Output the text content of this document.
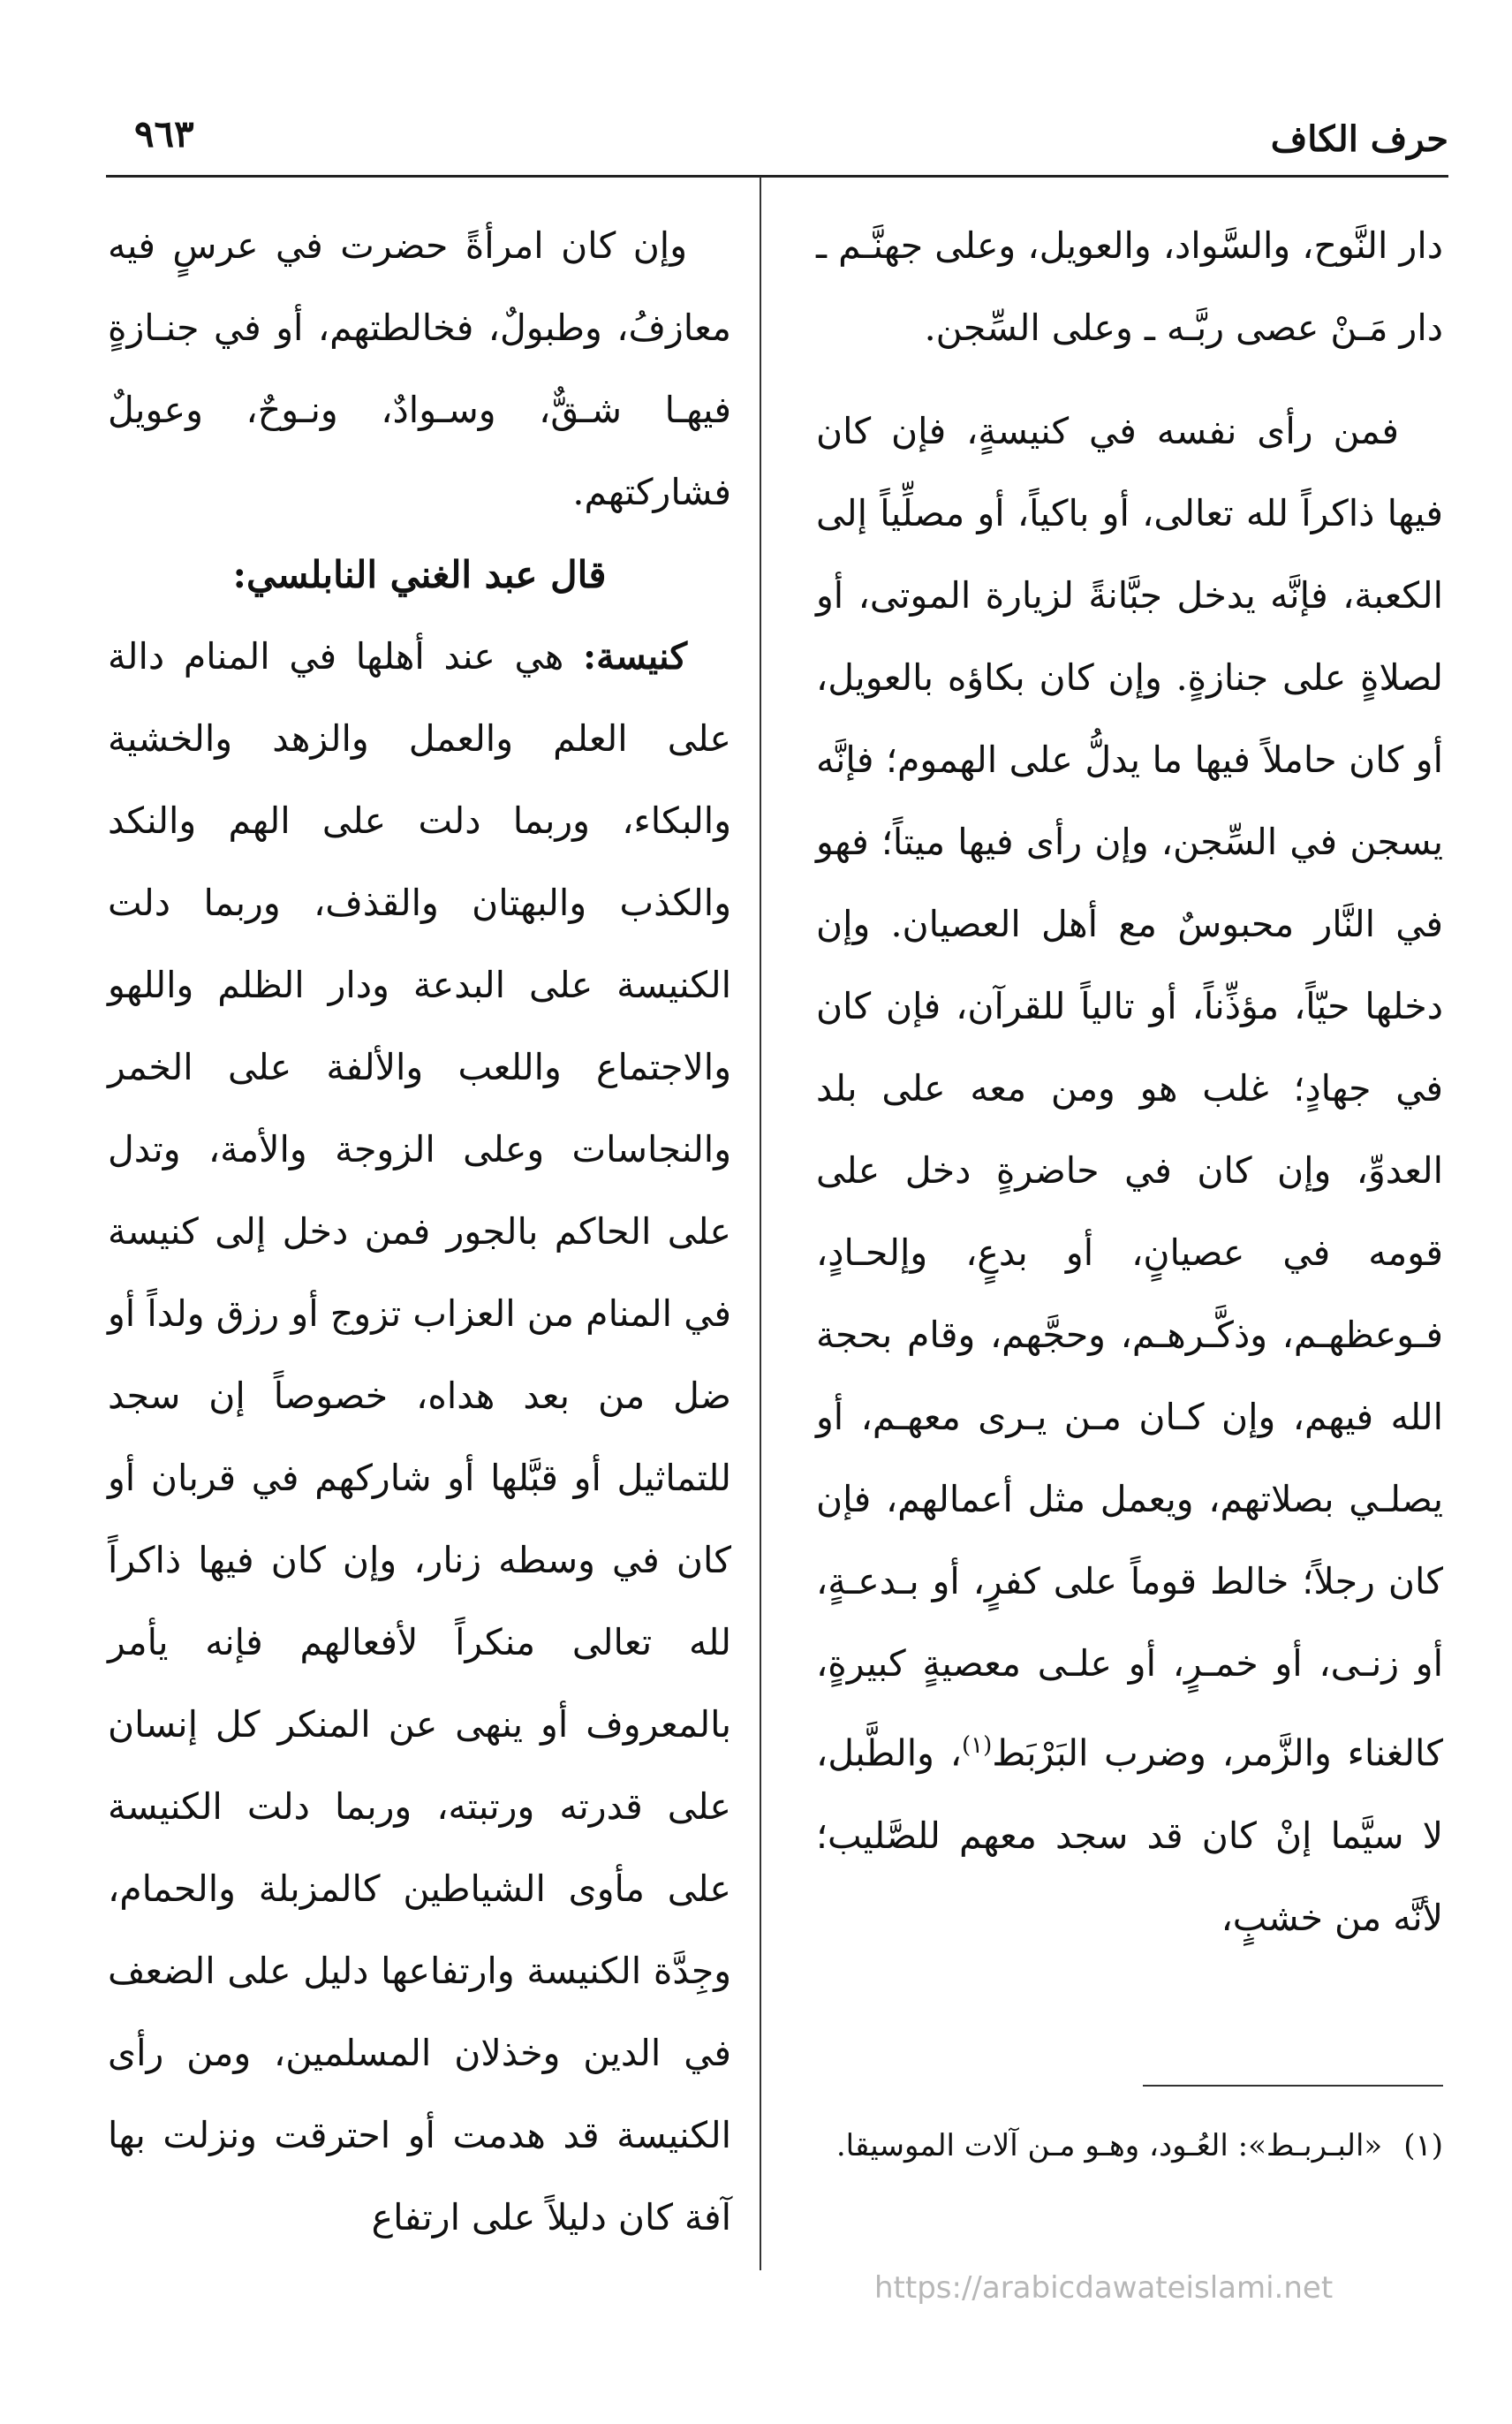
حرف الكاف
٩٦٣

دار النَّوح، والسَّواد، والعويل، وعلى جهنَّـم ـ دار مَـنْ عصى ربَّـه ـ وعلى السِّجن.

فمن رأى نفسه في كنيسةٍ، فإن كان فيها ذاكراً لله تعالى، أو باكياً، أو مصلِّياً إلى الكعبة، فإنَّه يدخل جبَّانةً لزيارة الموتى، أو لصلاةٍ على جنازةٍ. وإن كان بكاؤه بالعويل، أو كان حاملاً فيها ما يدلُّ على الهموم؛ فإنَّه يسجن في السِّجن، وإن رأى فيها ميتاً؛ فهو في النَّار محبوسٌ مع أهل العصيان. وإن دخلها حيّاً، مؤذِّناً، أو تالياً للقرآن، فإن كان في جهادٍ؛ غلب هو ومن معه على بلد العدوِّ، وإن كان في حاضرةٍ دخل على قومه في عصيانٍ، أو بدعٍ، وإلحـادٍ، فـوعظهـم، وذكَّـرهـم، وحجَّهم، وقام بحجة الله فيهم، وإن كـان مـن يـرى معهـم، أو يصلـي بصلاتهم، ويعمل مثل أعمالهم، فإن كان رجلاً؛ خالط قوماً على كفرٍ، أو بـدعـةٍ، أو زنـى، أو خمـرٍ، أو علـى معصيةٍ كبيرةٍ، كالغناء والزَّمر، وضرب البَرْبَط$^{(١)}$، والطَّبل، لا سيَّما إنْ كان قد سجد معهم للصَّليب؛ لأنَّه من خشبٍ،

وإن كان امرأةً حضرت في عرسٍ فيه معازفُ، وطبولٌ، فخالطتهم، أو في جنـازةٍ فيهـا شـقٌّ، وسـوادٌ، ونـوحٌ، وعويلٌ فشاركتهم.

قال عبد الغني النابلسي:

كنيسة: هي عند أهلها في المنام دالة على العلم والعمل والزهد والخشية والبكاء، وربما دلت على الهم والنكد والكذب والبهتان والقذف، وربما دلت الكنيسة على البدعة ودار الظلم واللهو والاجتماع واللعب والألفة على الخمر والنجاسات وعلى الزوجة والأمة، وتدل على الحاكم بالجور فمن دخل إلى كنيسة في المنام من العزاب تزوج أو رزق ولداً أو ضل من بعد هداه، خصوصاً إن سجد للتماثيل أو قبَّلها أو شاركهم في قربان أو كان في وسطه زنار، وإن كان فيها ذاكراً لله تعالى منكراً لأفعالهم فإنه يأمر بالمعروف أو ينهى عن المنكر كل إنسان على قدرته ورتبته، وربما دلت الكنيسة على مأوى الشياطين كالمزبلة والحمام، وجِدَّة الكنيسة وارتفاعها دليل على الضعف في الدين وخذلان المسلمين، ومن رأى الكنيسة قد هدمت أو احترقت ونزلت بها آفة كان دليلاً على ارتفاع

(١)«البـربـط»: العُـود، وهـو مـن آلات الموسيقا.
https://arabicdawateislami.net
